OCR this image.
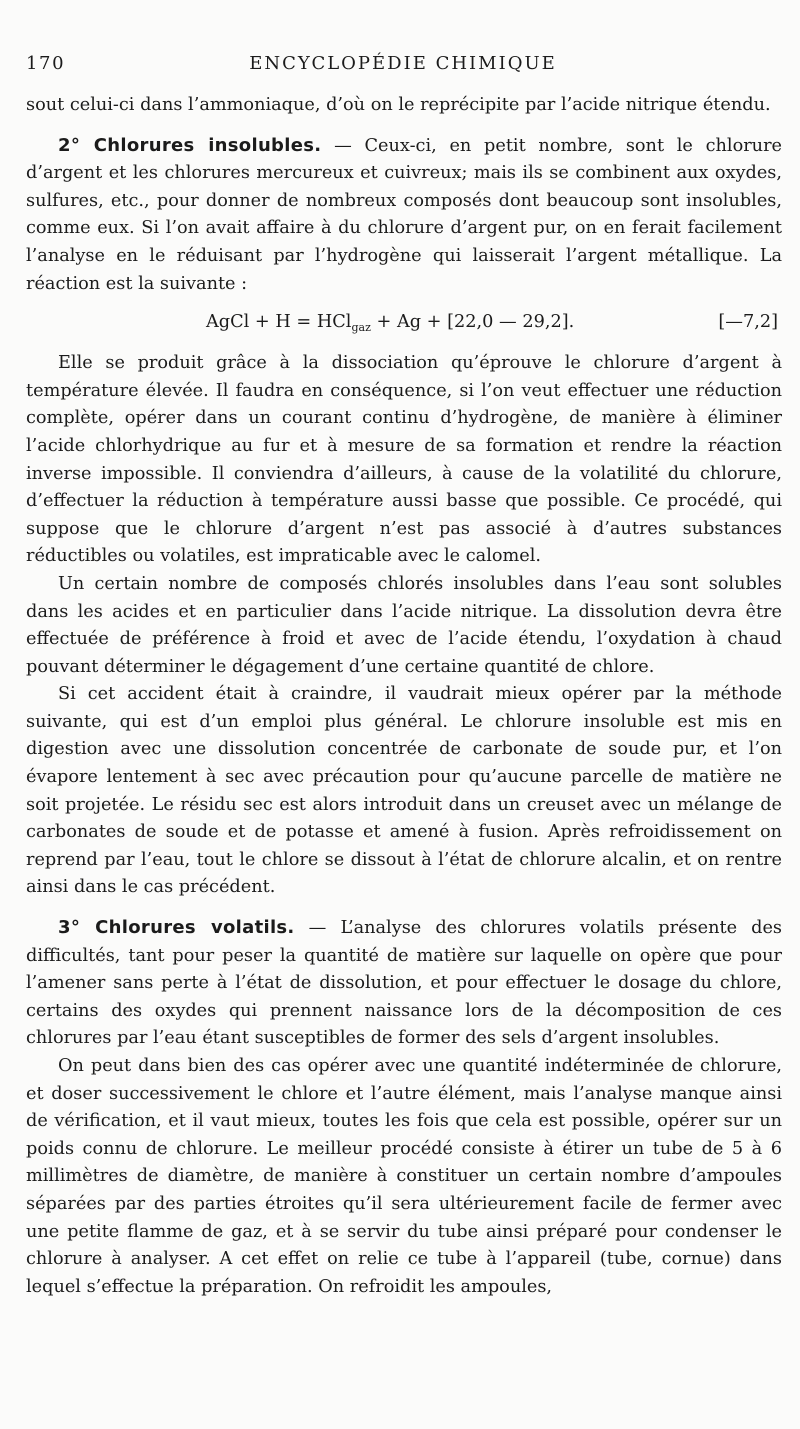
170	ENCYCLOPÉDIE CHIMIQUE

sout celui-ci dans l’ammoniaque, d’où on le reprécipite par l’acide nitrique étendu.

2° Chlorures insolubles. — Ceux-ci, en petit nombre, sont le chlorure d’argent et les chlorures mercureux et cuivreux; mais ils se combinent aux oxydes, sulfures, etc., pour donner de nombreux composés dont beaucoup sont insolubles, comme eux. Si l’on avait affaire à du chlorure d’argent pur, on en ferait facilement l’analyse en le réduisant par l’hydrogène qui laisserait l’argent métallique. La réaction est la suivante :

AgCl + H = HCl$_{gaz}$ + Ag + [22,0 — 29,2].	[—7,2]

Elle se produit grâce à la dissociation qu’éprouve le chlorure d’argent à température élevée. Il faudra en conséquence, si l’on veut effectuer une réduction complète, opérer dans un courant continu d’hydrogène, de manière à éliminer l’acide chlorhydrique au fur et à mesure de sa formation et rendre la réaction inverse impossible. Il conviendra d’ailleurs, à cause de la volatilité du chlorure, d’effectuer la réduction à température aussi basse que possible. Ce procédé, qui suppose que le chlorure d’argent n’est pas associé à d’autres substances réductibles ou volatiles, est impraticable avec le calomel.

Un certain nombre de composés chlorés insolubles dans l’eau sont solubles dans les acides et en particulier dans l’acide nitrique. La dissolution devra être effectuée de préférence à froid et avec de l’acide étendu, l’oxydation à chaud pouvant déterminer le dégagement d’une certaine quantité de chlore.

Si cet accident était à craindre, il vaudrait mieux opérer par la méthode suivante, qui est d’un emploi plus général. Le chlorure insoluble est mis en digestion avec une dissolution concentrée de carbonate de soude pur, et l’on évapore lentement à sec avec précaution pour qu’aucune parcelle de matière ne soit projetée. Le résidu sec est alors introduit dans un creuset avec un mélange de carbonates de soude et de potasse et amené à fusion. Après refroidissement on reprend par l’eau, tout le chlore se dissout à l’état de chlorure alcalin, et on rentre ainsi dans le cas précédent.

3° Chlorures volatils. — L’analyse des chlorures volatils présente des difficultés, tant pour peser la quantité de matière sur laquelle on opère que pour l’amener sans perte à l’état de dissolution, et pour effectuer le dosage du chlore, certains des oxydes qui prennent naissance lors de la décomposition de ces chlorures par l’eau étant susceptibles de former des sels d’argent insolubles.

On peut dans bien des cas opérer avec une quantité indéterminée de chlorure, et doser successivement le chlore et l’autre élément, mais l’analyse manque ainsi de vérification, et il vaut mieux, toutes les fois que cela est possible, opérer sur un poids connu de chlorure. Le meilleur procédé consiste à étirer un tube de 5 à 6 millimètres de diamètre, de manière à constituer un certain nombre d’ampoules séparées par des parties étroites qu’il sera ultérieurement facile de fermer avec une petite flamme de gaz, et à se servir du tube ainsi préparé pour condenser le chlorure à analyser. A cet effet on relie ce tube à l’appareil (tube, cornue) dans lequel s’effectue la préparation. On refroidit les ampoules,
